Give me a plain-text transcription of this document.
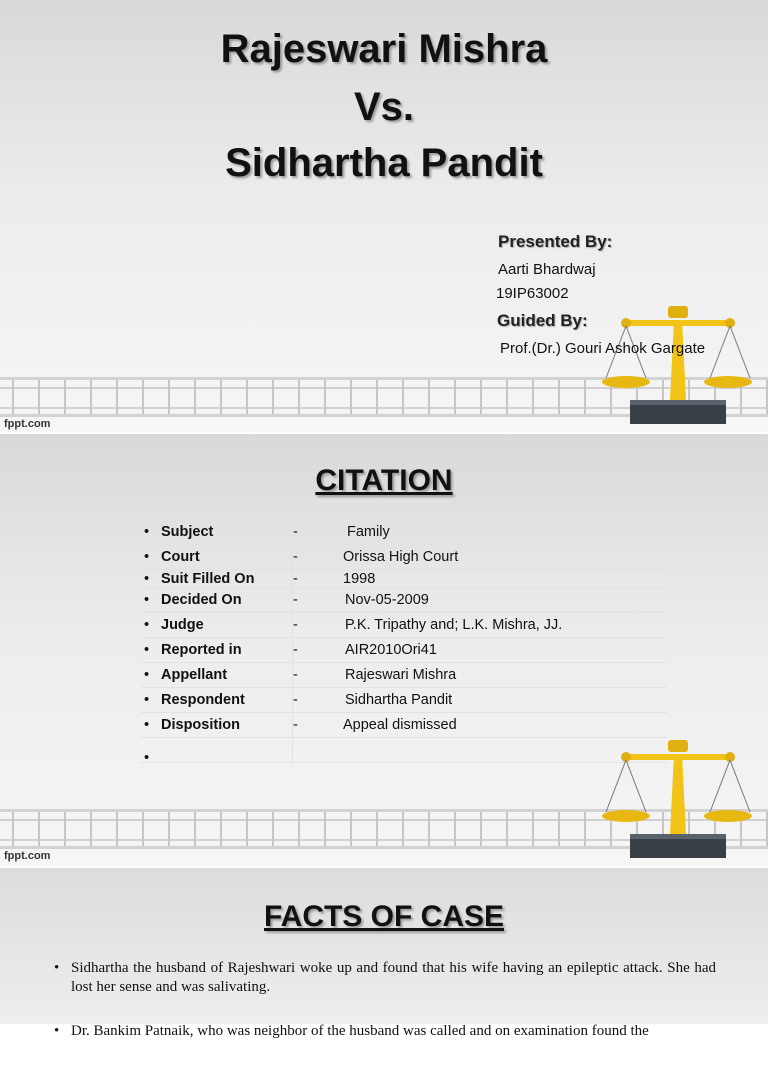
Rajeswari Mishra
Vs.
Sidhartha Pandit
Presented By:
Aarti Bhardwaj
19IP63002
Guided By:
fppt.com
Prof.(Dr.) Gouri Ashok Gargate
CITATION
• Subject	-	Family
• Court	-	Orissa High Court
• Suit Filled On	-	1998
• Decided On	-	Nov-05-2009
• Judge	-	P.K. Tripathy and; L.K. Mishra, JJ.
• Reported in	-	AIR2010Ori41
• Appellant	-	Rajeswari Mishra
• Respondent	-	Sidhartha Pandit
• Disposition	-	Appeal dismissed
•		
fppt.com
FACTS OF CASE
• Sidhartha the husband of Rajeshwari woke up and found that his wife having an epileptic attack. She had lost her sense and was salivating.
• Dr. Bankim Patnaik, who was neighbor of the husband was called and on examination found the
